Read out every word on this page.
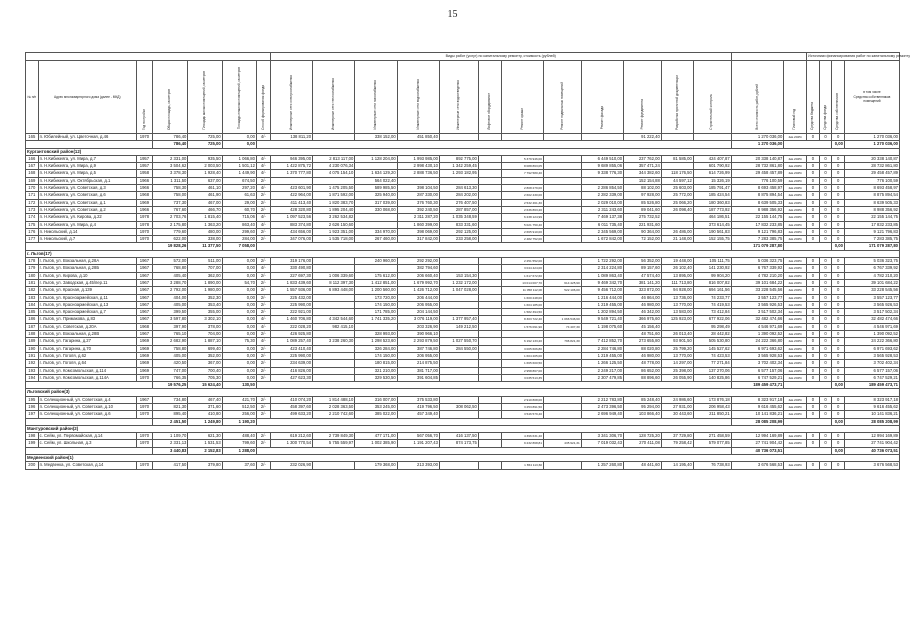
15
							Виды работ (услуг) по капитальному ремонту, стоимость (рублей)														Источники финансирования работ по капитальному ремонту			

№ п/п	Адрес многоквартирного дома (далее - МКД)	Год постройки	Общая площадь, кв.метров	Площадь жилых помещений, кв.метров	Площадь нежилых помещений, кв.метров	Способ формирования фонда	Инженерные сети электроснабжения	Инженерные сети теплоснабжения	Инженерные сети газоснабжения	Инженерные сети водоснабжения	Инженерные сети водоотведения	Лифтовое оборудование	Ремонт крыши	Ремонт подвальных помещений	Ремонт фасада	Ремонт фундамента	Разработка проектной документации	Строительный контроль	Всего стоимость работ, рублей	Плановый год	Средства бюджета	Средства фонда	Средства собственников	в том числе
Средства собственников помещений

165	п. Юбилейный, ул. Цветочная, д.46	1970	786,40	725,00	0,00	4/-	138 811,20		338 152,00	451 850,40						91 222,40			1 270 036,00	4кв.2025г	0	0	0	1 270 036,00
			786,40	725,00	0,00														1 270 036,00				0,00	1 270 036,00
Кургантовский район(12)																								
166	п. Н.Кибикеяга, ул. Мира, д.7	1957	2 331,00	935,50	1 066,80	4/-	946 395,00	2 813 117,00	1 128 204,00	1 993 985,00	892 775,00		5 379 946,00		6 449 510,00	237 762,00	81 585,00	424 407,87	20 338 140,87	4кв.2025г	0	0	0	20 338 140,87
167	п. Н.Кибикеяга, ул. Мира, д.9	1957	3 504,62	2 003,50	1 501,12	4/-	1 422 875,72	4 230 076,34		2 998 430,10	1 342 259,45		8 088 863,05		9 689 855,06	357 471,24		601 790,92	28 732 861,80	4кв.2025г	0	0	0	28 732 861,80
168	п. Н.Кибикеяга, ул. Мира, д.5	1958	3 378,30	1 928,40	1 449,90	4/-	1 370 777,80	4 075 154,10	1 634 129,20	2 888 736,50	1 293 182,95		7 792 580,40		9 338 776,30	344 382,60	118 176,50	614 726,99	29 458 457,89	4кв.2025г	0	0	0	29 458 457,89
169	п. Н.Кибикеяга, ул. Октябрьская, д.1	1966	1 311,50	637,00	674,50	2/-			564 022,40							152 154,88	44 597,12	15 326,19	776 100,59	4кв.2025г	0	0	0	776 100,59
170	п. Н.Кибикеяга, ул. Советская, д.3	1966	758,30	461,10	297,20	4/-	423 601,90	1 475 205,50	589 985,50	398 104,50	284 613,30		2 808 279,00		2 286 854,50	88 102,00	25 603,00	185 791,47	8 693 458,97	4кв.2025г	0	0	0	8 693 458,97
171	п. Н.Кибикеяга, ул. Советская, д.6	1968	758,00	461,90	61,63	2/-	422 964,00	1 871 592,00	325 940,00	287 330,00	284 202,00		2 602 430,00		2 282 339,00	97 928,00	25 772,00	185 424,54	8 875 894,54	4кв.2025г	0	0	0	8 875 894,54
172	п. Н.Кибикеяга, ул. Советская, д.1	1969	737,30	467,00	29,00	2/-	411 413,40	1 820 383,70	317 039,00	376 760,30	276 407,50		2 532 461,30		2 029 010,00	85 526,80	25 066,20	180 360,83	8 639 505,33	4кв.2025г	0	0	0	8 639 505,33
173	п. Н.Кибикеяга, ул. Советская, д.2	1966	767,60	466,70	60,70	2/-	428 320,80	1 895 204,40	330 068,00	392 240,50	287 857,00		2 636 863,20		2 311 243,60	89 041,60	26 098,40	187 773,92	8 988 356,92	4кв.2025г	0	0	0	8 988 356,92
174	п. Н.Кибикеяга, ул. Кирова, д.22	1978	2 703,76	1 815,40	715,06	4/-	1 097 523,56	3 262 534,82		2 311 287,20	1 035 348,59		6 238 124,99		7 469 137,38	275 732,52		464 186,51	22 155 144,75	4кв.2025г	0	0	0	22 155 144,75
175	п. Н.Кибикеяга, ул. Мира, д.4	1978	2 175,80	1 363,20	863,40	4/-	883 374,80	2 626 150,60		1 860 399,00	833 331,60		5 021 750,40		6 011 735,40	221 931,60		373 614,45	17 832 233,85	4кв.2025г	0	0	0	17 832 233,85
176	п. Никольский, д.14	1970	779,60	480,00	299,60	2/-	434 656,00	1 923 351,00	334 970,00	398 069,00	292 125,00		2 665 910,00		2 345 569,00	90 364,00	26 486,00	190 561,83	9 121 796,83	4кв.2025г	0	0	0	9 121 796,83
177	п. Никольский, д.7	1970	622,00	338,00	284,00	2/-	347 076,00	1 535 718,00	267 460,00	317 842,00	233 258,00		2 482 752,00		1 672 842,00	72 152,00	21 148,00	152 155,75	7 283 385,75	4кв.2025г	0	0	0	7 283 385,75
			19 828,26	11 377,50	7 058,00														171 079 287,80				0,00	171 079 287,80
г. Льгов(17)																								
178	г. Льгов, ул. Вокзальная, д.28А	1967	572,00	511,00	0,00	2/-	319 176,00		240 960,00	292 292,00			2 251 552,00		1 722 292,00	56 352,00	19 448,00	105 111,75	5 036 323,75	4кв.2025г	0	0	0	5 036 323,75
179	г. Льгов, ул. Вокзальная, д.28Б	1967	768,80	707,00	0,00	4/-	330 490,80			382 794,60			3 044 424,00		2 314 224,80	89 157,60	26 102,40	141 230,92	6 767 339,92	4кв.2025г	0	0	0	6 767 339,92
180	г. Льгов, ул. Кирова, д.10	1967	405,40	362,00	0,00	2/-	227 697,30	1 006 339,60	175 612,00	206 660,40	153 154,30		1 617 672,60		1 089 863,40	47 574,40	13 895,00	99 904,20	4 782 210,20	4кв.2025г	0	0	0	4 782 210,20
181	г. Льгов, ул. Заводская, д.45/пер.11	1967	3 288,70	1 890,00	54,70	2/-	1 833 439,60	8 112 397,30	1 412 851,00	1 679 992,70	1 232 172,00		13 014 007,70	614 425,90	9 469 342,70	381 141,20	111 713,80	816 007,82	39 101 684,22	4кв.2025г	0	0	0	39 101 684,22
182	г. Льгов, ул. Красная, д.139	1967	2 792,00	1 980,00	0,00	2/-	1 557 936,00	6 893 448,00	1 200 560,00	1 426 712,00	1 047 028,00		11 058 112,00	522 106,00	9 456 712,00	323 872,00	94 928,00	694 161,56	33 228 545,56	4кв.2025г	0	0	0	33 228 545,56
183	г. Льгов, ул. Красноармейская, д.11	1967	404,00	352,30	0,00	2/-	225 432,00		173 720,00	206 444,00			1 600 248,00		1 216 444,00	46 864,00	13 736,00	74 233,77	3 557 123,77	4кв.2025г	0	0	0	3 557 123,77
184	г. Льгов, ул. Красноармейская, д.13	1967	405,00	353,40	0,00	2/-	225 990,00		174 150,00	206 955,00			1 604 185,00		1 219 455,00	46 980,00	13 770,00	74 419,53	3 565 926,53	4кв.2025г	0	0	0	3 565 926,53
185	г. Льгов, ул. Красноармейская, д.7	1967	399,50	355,00	0,00	2/-	222 921,00		171 785,00	204 144,50			1 582 394,50		1 202 894,50	46 342,00	13 583,00	73 412,84	3 517 502,34	4кв.2025г	0	0	0	3 517 502,34
186	г. Льгов, ул. Примакова, д.83	1967	3 597,80	3 302,10	0,00	4/-	1 460 706,80	4 342 544,60	1 741 335,20	3 076 119,00	1 377 957,40		8 303 722,40	1 066 546,60	9 549 721,40	366 975,60	125 923,00	677 922,06	32 482 474,66	4кв.2025г	0	0	0	32 482 474,66
187	г. Льгов, ул. Советская, д.20А	1968	397,90	378,00	0,00	4/-	222 028,20	982 415,10		203 326,90	149 212,50		1 576 091,90	74 407,30	1 198 075,60	45 156,40		95 298,49	4 546 971,69	4кв.2025г	0	0	0	4 546 971,69
188	г. Льгов, ул. Вокзальная, д.28В	1967	765,10	704,00	0,00	2/-	426 925,80		328 993,00	390 966,10						48 751,60	26 013,40	28 442,82	1 390 092,52	4кв.2025г	0	0	0	1 390 092,52
189	г. Льгов, ул. Гагарина, д.27	1969	2 682,90	1 887,10	75,30	4/-	1 089 257,40	3 238 260,30	1 298 523,60	2 293 879,50	1 027 550,70		6 192 133,20	796 821,30	7 412 852,70	273 655,80	93 901,50	505 530,80	24 222 366,80	4кв.2025г	0	0	0	24 222 366,80
190	г. Льгов, ул. Гагарина, д.70	1969	758,80	699,40	0,00	2/-	423 410,40		326 284,00	387 746,80	284 550,00		3 005 606,80		2 284 746,80	88 020,80	25 799,20	145 527,62	6 971 693,62	4кв.2025г	0	0	0	6 971 693,62
191	г. Льгов, ул. Гоголя, д.62	1969	405,00	352,00	0,00	2/-	225 990,00		174 150,00	206 955,00			1 604 205,00		1 219 455,00	46 980,00	13 770,00	74 423,53	3 565 928,53	4кв.2025г	0	0	0	3 565 928,53
192	г. Льгов, ул. Гоголя, д.64	1969	420,50	367,00	0,00	2/-	234 639,00		180 815,00	214 875,50			1 665 600,50		1 266 125,50	48 778,00	14 297,00	77 271,84	3 702 402,34	4кв.2025г	0	0	0	3 702 402,34
193	г. Льгов, ул. Комсомольская, д.114	1969	747,00	700,40	0,00	2/-	416 826,00		321 210,00	381 717,00			2 958 867,00		2 249 217,00	86 652,00	25 398,00	137 270,06	6 577 157,06	4кв.2025г	0	0	0	6 577 157,06
194	г. Льгов, ул. Комсомольская, д.114А	1970	766,35	705,30	0,00	2/-	427 623,30		329 530,50	391 604,85			3 035 513,35		2 307 479,85	88 896,60	26 055,90	140 825,86	6 747 529,21	4кв.2025г	0	0	0	6 747 529,21
			19 576,25	15 624,40	130,50														189 459 473,71				0,00	189 459 473,71
Льговский район(3)																								
195	п. Селекционный, ул. Советская, д.4	1967	734,80	467,40	421,70	2/-	410 074,20	1 814 488,10	316 007,00	375 533,80			2 910 808,00		2 212 783,80	85 248,40	24 986,60	173 876,18	8 323 917,18	4кв.2025г	0	0	0	8 323 917,18
196	п. Селекционный, ул. Советская, д.10	1970	821,30	371,60	512,50	2/-	458 397,60	2 028 363,50	353 245,00	419 796,50	308 062,50		3 253 891,50		2 473 396,50	95 294,00	27 931,00	206 958,43	9 616 455,62	4кв.2025г	0	0	0	9 616 455,62
197	п. Селекционный, ул. Советская, д.6	1970	895,40	410,80	256,00	2/-	499 633,20	2 210 742,60	385 022,00	457 349,40			3 546 579,40		2 696 949,40	103 866,40	30 443,60	211 850,21	10 141 836,21	4кв.2025г	0	0	0	10 141 836,21
			2 451,50	1 249,80	1 190,20														28 085 208,99				0,00	28 085 208,99
Мантуровский район(2)																								
198	с. Сейм, ул. Первомайская, д.14	1970	1 109,70	621,30	488,40	2/-	619 212,60	2 739 849,30	477 171,00	567 056,70	416 137,50		4 396 631,40		3 341 306,70	128 725,20	37 729,80	271 458,59	12 994 169,89	4кв.2025г	0	0	0	12 994 169,89
199	с. Сейм, ул. Школьная, д.3	1970	2 331,13	1 531,53	799,60	2/-	1 300 770,54	5 755 559,97	1 002 385,90	1 191 207,43	874 173,75		9 232 868,81	435 921,31	7 019 032,43	270 411,08	79 258,42	579 077,85	27 741 904,42	4кв.2025г	0	0	0	27 741 904,42
			3 440,83	2 152,83	1 288,00														40 736 073,51				0,00	40 736 073,51
Медвенский район(1)																								
200	п. Медвенка, ул. Советская, д.14	1970	417,50	379,80	37,60	2/-	232 026,90		179 368,00	213 393,00			1 654 113,60		1 257 260,80	48 441,60	14 195,40	76 738,93	3 676 568,53	4кв.2025г	0	0	0	3 676 568,53
